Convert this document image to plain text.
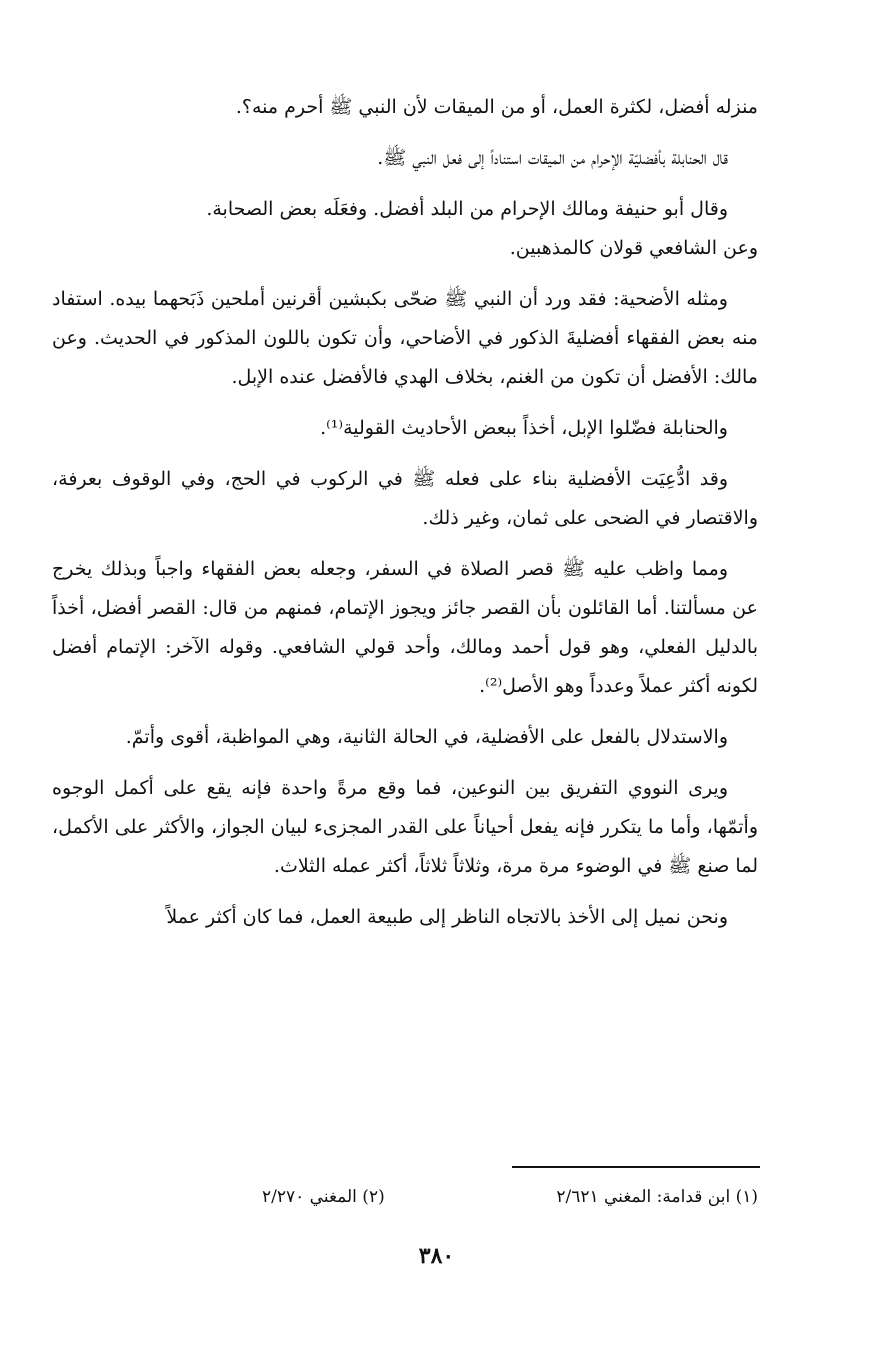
منزله أفضل، لكثرة العمل، أو من الميقات لأن النبي ﷺ أحرم منه؟.

قال الحنابلة بأفضليّة الإحرام من الميقات استناداً إلى فعل النبي ﷺ.

وقال أبو حنيفة ومالك الإحرام من البلد أفضل. وفعَلَه بعض الصحابة.

وعن الشافعي قولان كالمذهبين.

ومثله الأضحية: فقد ورد أن النبي ﷺ ضحّى بكبشين أقرنين أملحين ذَبَحهما بيده. استفاد منه بعض الفقهاء أفضليةَ الذكور في الأضاحي، وأن تكون باللون المذكور في الحديث. وعن مالك: الأفضل أن تكون من الغنم، بخلاف الهدي فالأفضل عنده الإبل.

والحنابلة فضّلوا الإبل، أخذاً ببعض الأحاديث القولية⁽¹⁾.

وقد ادُّعِيَت الأفضلية بناء على فعله ﷺ في الركوب في الحج، وفي الوقوف بعرفة، والاقتصار في الضحى على ثمان، وغير ذلك.

ومما واظب عليه ﷺ قصر الصلاة في السفر، وجعله بعض الفقهاء واجباً وبذلك يخرج عن مسألتنا. أما القائلون بأن القصر جائز ويجوز الإتمام، فمنهم من قال: القصر أفضل، أخذاً بالدليل الفعلي، وهو قول أحمد ومالك، وأحد قولي الشافعي. وقوله الآخر: الإتمام أفضل لكونه أكثر عملاً وعدداً وهو الأصل⁽²⁾.

والاستدلال بالفعل على الأفضلية، في الحالة الثانية، وهي المواظبة، أقوى وأتمّ.

ويرى النووي التفريق بين النوعين، فما وقع مرةً واحدة فإنه يقع على أكمل الوجوه وأتمّها، وأما ما يتكرر فإنه يفعل أحياناً على القدر المجزىء لبيان الجواز، والأكثر على الأكمل، لما صنع ﷺ في الوضوء مرة مرة، وثلاثاً ثلاثاً، أكثر عمله الثلاث.

ونحن نميل إلى الأخذ بالاتجاه الناظر إلى طبيعة العمل، فما كان أكثر عملاً

(١) ابن قدامة: المغني ٢/٦٢١
(٢) المغني ٢/٢٧٠
٣٨٠
